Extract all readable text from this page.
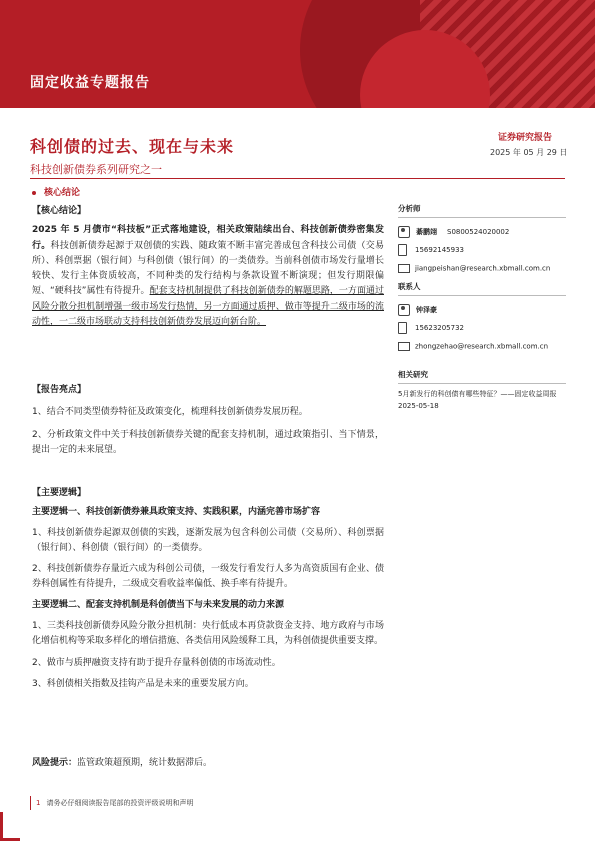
固定收益专题报告
科创债的过去、现在与未来
科技创新债券系列研究之一
证券研究报告
2025 年 05 月 29 日
核心结论
【核心结论】
2025 年 5 月债市“科技板”正式落地建设，相关政策陆续出台、科技创新债券密集发行。科技创新债券起源于双创债的实践、随政策不断丰富完善成包含科技公司债（交易所）、科创票据（银行间）与科创债（银行间）的一类债券。当前科创债市场发行量增长较快、发行主体资质较高，不同种类的发行结构与条款设置不断演现；但发行期限偏短、“硬科技”属性有待提升。配套支持机制提供了科技创新债券的解题思路，一方面通过风险分散分担机制增强一级市场发行热情，另一方面通过质押、做市等提升二级市场的流动性，一二级市场联动支持科技创新债券发展迈向新台阶。
【报告亮点】
1、结合不同类型债券特征及政策变化，梳理科技创新债券发展历程。
2、分析政策文件中关于科技创新债券关键的配套支持机制，通过政策指引、当下情景，提出一定的未来展望。
【主要逻辑】
主要逻辑一、科技创新债券兼具政策支持、实践积累，内涵完善市场扩容
1、科技创新债券起源双创债的实践，逐渐发展为包含科创公司债（交易所）、科创票据（银行间）、科创债（银行间）的一类债券。
2、科技创新债券存量近六成为科创公司债，一级发行看发行人多为高资质国有企业、债券科创属性有待提升，二级成交看收益率偏低、换手率有待提升。
主要逻辑二、配套支持机制是科创债当下与未来发展的动力来源
1、三类科技创新债券风险分散分担机制：央行低成本再贷款资金支持、地方政府与市场化增信机构等采取多样化的增信措施、各类信用风险缓释工具，为科创债提供重要支撑。
2、做市与质押融资支持有助于提升存量科创债的市场流动性。
3、科创债相关指数及挂钩产品是未来的重要发展方向。
风险提示：监管政策超预期，统计数据滞后。
分析师
綦鹏翊 S0800524020002
15692145933
jiangpeishan@research.xbmall.com.cn
联系人
钟泽豪
15623205732
zhongzehao@research.xbmall.com.cn
相关研究
5月新发行的科创债有哪些特征？——固定收益周报 2025-05-18
1 请务必仔细阅读报告尾部的投资评级说明和声明
